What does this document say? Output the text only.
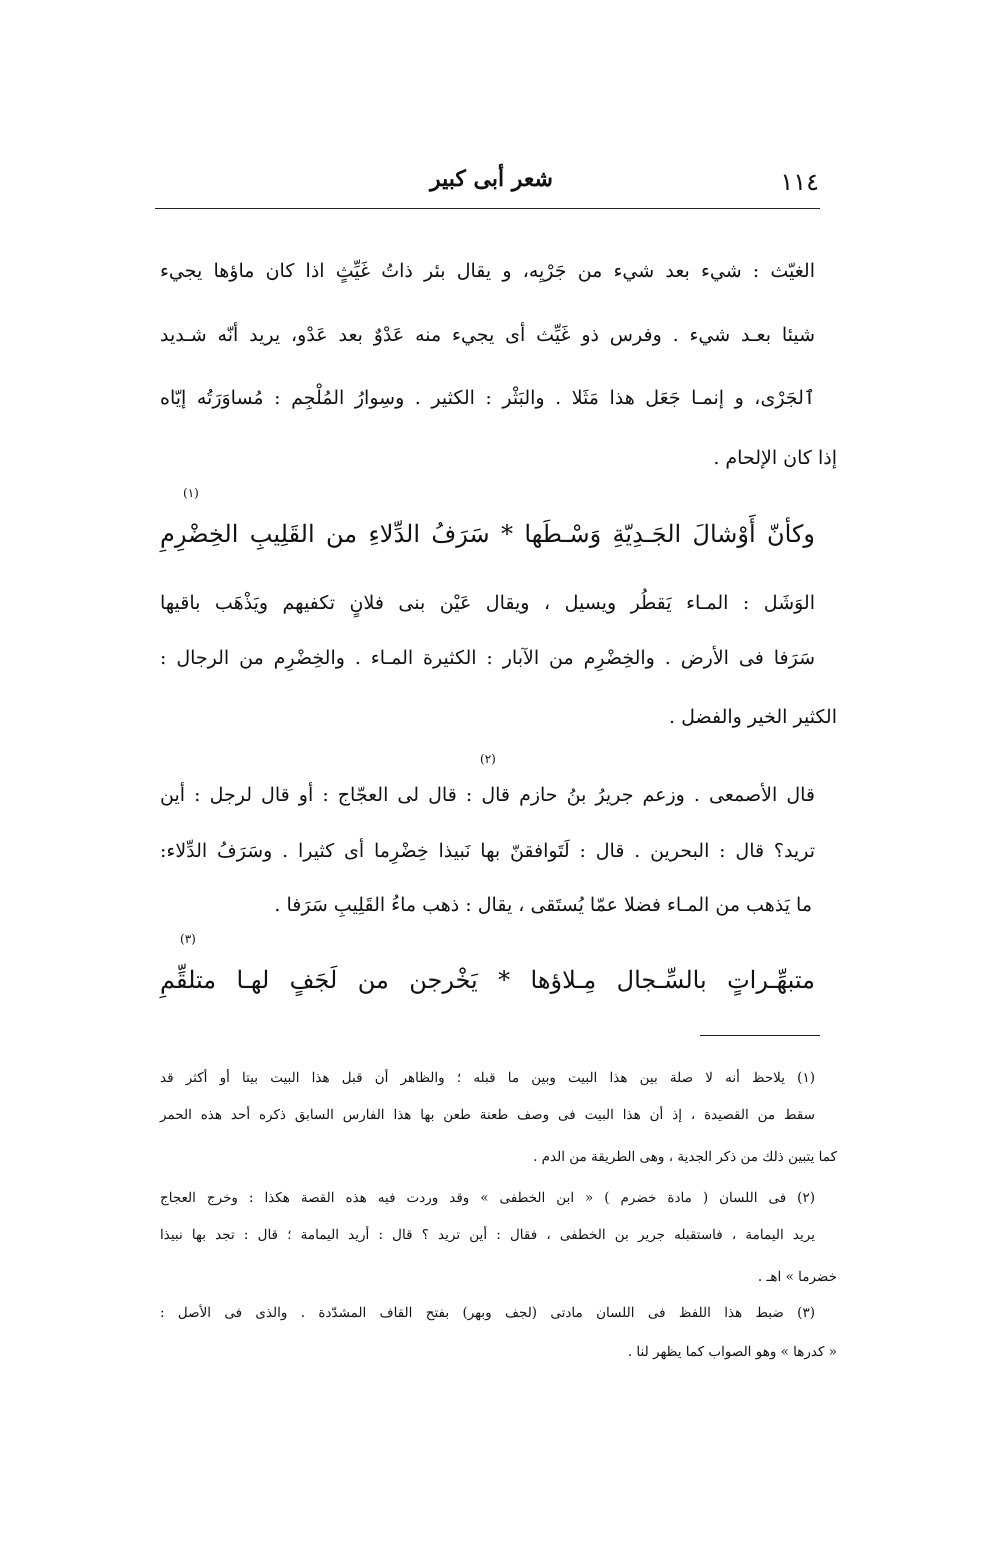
١١٤
شعر أبى كبير
الغيّث : شيء بعد شيء من جَرْيِه، و يقال بئر ذاتُ غَيِّثٍ اذا كان ماؤها يجيء
شيئا بعـد شيء . وفرس ذو غَيِّث أى يجيء منه عَدْوٌ بعد عَدْو، يريد أنّه شـديد
ٱلجَرْى، و إنمـا جَعَل هذا مَثَلا . والبَثْر : الكثير . وسِوارُ المُلْجِم : مُساوَرَتُه إيّاه
إذا كان الإلحام .
(١)
وكأنّ أَوْشالَ الجَـدِيّةِ وَسْـطَها * سَرَفُ الدِّلاءِ من القَلِيبِ الخِضْرِمِ
الوَشَل : المـاء يَقطُر ويسيل ، ويقال عَيْن بنى فلانٍ تكفيهم ويَذْهَب باقيها
سَرَفا فى الأرض . والخِضْرِم من الآبار : الكثيرة المـاء . والخِضْرِم من الرجال :
الكثير الخير والفضل .
(٢)
قال الأصمعى . وزعم جريرُ بنُ حازم قال : قال لى العجّاج : أو قال لرجل : أين
تريد؟ قال : البحرين . قال : لَتَوافقنّ بها نَبيذا خِضْرِما أى كثيرا . وسَرَفُ الدِّلاء:
ما يَذهب من المـاء فضلا عمّا يُستَقى ، يقال : ذهب ماءُ القَلِيبِ سَرَفا .
(٣)
متبهِّـراتٍ بالسِّـجال مِـلاؤها * يَخْرجن من لَجَفٍ لهـا متلقِّمِ
(١) يلاحظ أنه لا صلة بين هذا البيت وبين ما قبله ؛ والظاهر أن قبل هذا البيت بيتا أو أكثر قد
سقط من القصيدة ، إذ أن هذا البيت فى وصف طعنة طعن بها هذا الفارس السابق ذكره أحد هذه الحمر
كما يتبين ذلك من ذكر الجدية ، وهى الطريقة من الدم .
(٢) فى اللسان ( مادة خضرم ) « ابن الخطفى » وقد وردت فيه هذه القصة هكذا : وخرج العجاج
يريد اليمامة ، فاستقبله جرير بن الخطفى ، فقال : أين تريد ؟ قال : أريد اليمامة ؛ قال : تجد بها نبيذا
خضرما » اهـ .
(٣) ضبط هذا اللفظ فى اللسان مادتى (لجف وبهر) بفتح القاف المشدّدة . والذى فى الأصل :
« كدرها » وهو الصواب كما يظهر لنا .
